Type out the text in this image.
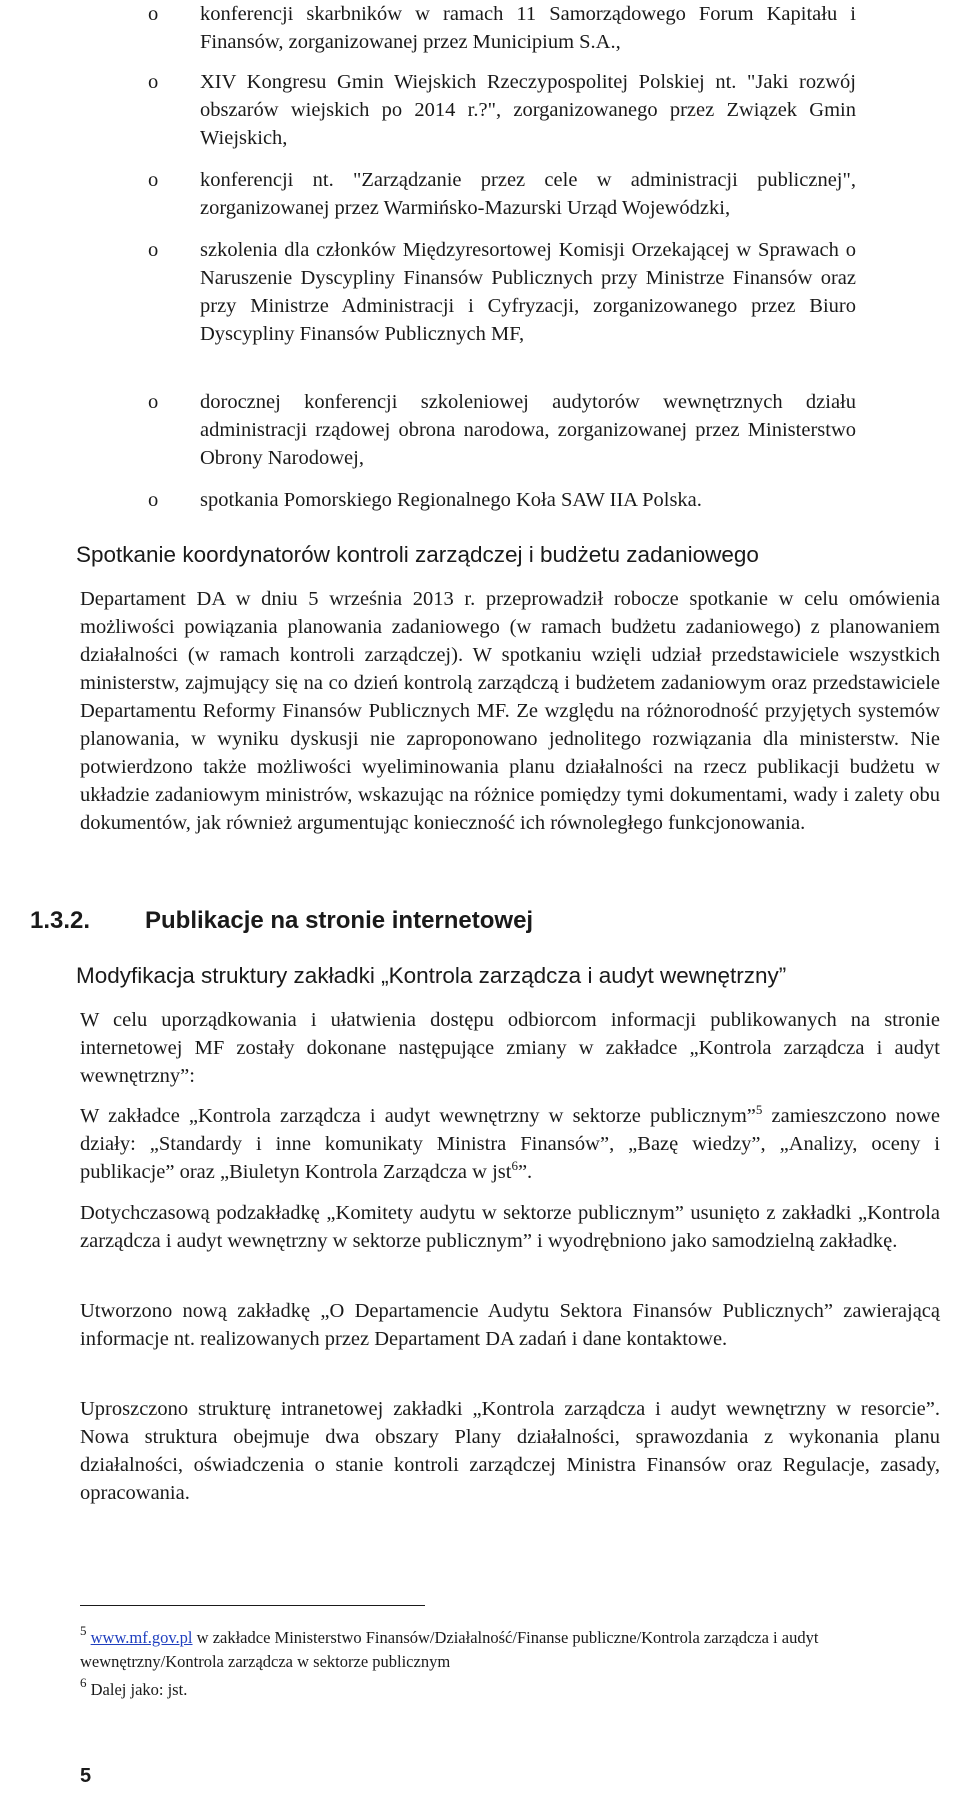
o konferencji skarbników w ramach 11 Samorządowego Forum Kapitału i Finansów, zorganizowanej przez Municipium S.A.,
o XIV Kongresu Gmin Wiejskich Rzeczypospolitej Polskiej nt. "Jaki rozwój obszarów wiejskich po 2014 r.?", zorganizowanego przez Związek Gmin Wiejskich,
o konferencji nt. "Zarządzanie przez cele w administracji publicznej", zorganizowanej przez Warmińsko-Mazurski Urząd Wojewódzki,
o szkolenia dla członków Międzyresortowej Komisji Orzekającej w Sprawach o Naruszenie Dyscypliny Finansów Publicznych przy Ministrze Finansów oraz przy Ministrze Administracji i Cyfryzacji, zorganizowanego przez Biuro Dyscypliny Finansów Publicznych MF,
o dorocznej konferencji szkoleniowej audytorów wewnętrznych działu administracji rządowej obrona narodowa, zorganizowanej przez Ministerstwo Obrony Narodowej,
o spotkania Pomorskiego Regionalnego Koła SAW IIA Polska.
Spotkanie koordynatorów kontroli zarządczej i budżetu zadaniowego

Departament DA w dniu 5 września 2013 r. przeprowadził robocze spotkanie w celu omówienia możliwości powiązania planowania zadaniowego (w ramach budżetu zadaniowego) z planowaniem działalności (w ramach kontroli zarządczej). W spotkaniu wzięli udział przedstawiciele wszystkich ministerstw, zajmujący się na co dzień kontrolą zarządczą i budżetem zadaniowym oraz przedstawiciele Departamentu Reformy Finansów Publicznych MF. Ze względu na różnorodność przyjętych systemów planowania, w wyniku dyskusji nie zaproponowano jednolitego rozwiązania dla ministerstw. Nie potwierdzono także możliwości wyeliminowania planu działalności na rzecz publikacji budżetu w układzie zadaniowym ministrów, wskazując na różnice pomiędzy tymi dokumentami, wady i zalety obu dokumentów, jak również argumentując konieczność ich równoległego funkcjonowania.

1.3.2. Publikacje na stronie internetowej
Modyfikacja struktury zakładki „Kontrola zarządcza i audyt wewnętrzny”

W celu uporządkowania i ułatwienia dostępu odbiorcom informacji publikowanych na stronie internetowej MF zostały dokonane następujące zmiany w zakładce „Kontrola zarządcza i audyt wewnętrzny”:

W zakładce „Kontrola zarządcza i audyt wewnętrzny w sektorze publicznym”$^5$ zamieszczono nowe działy: „Standardy i inne komunikaty Ministra Finansów”, „Bazę wiedzy”, „Analizy, oceny i publikacje” oraz „Biuletyn Kontrola Zarządcza w jst$^6$”.

Dotychczasową podzakładkę „Komitety audytu w sektorze publicznym” usunięto z zakładki „Kontrola zarządcza i audyt wewnętrzny w sektorze publicznym” i wyodrębniono jako samodzielną zakładkę.

Utworzono nową zakładkę „O Departamencie Audytu Sektora Finansów Publicznych” zawierającą informacje nt. realizowanych przez Departament DA zadań i dane kontaktowe.

Uproszczono strukturę intranetowej zakładki „Kontrola zarządcza i audyt wewnętrzny w resorcie”. Nowa struktura obejmuje dwa obszary Plany działalności, sprawozdania z wykonania planu działalności, oświadczenia o stanie kontroli zarządczej Ministra Finansów oraz Regulacje, zasady, opracowania.

$^5$ www.mf.gov.pl w zakładce Ministerstwo Finansów/Działalność/Finanse publiczne/Kontrola zarządcza i audyt wewnętrzny/Kontrola zarządcza w sektorze publicznym
$^6$ Dalej jako: jst.
5
